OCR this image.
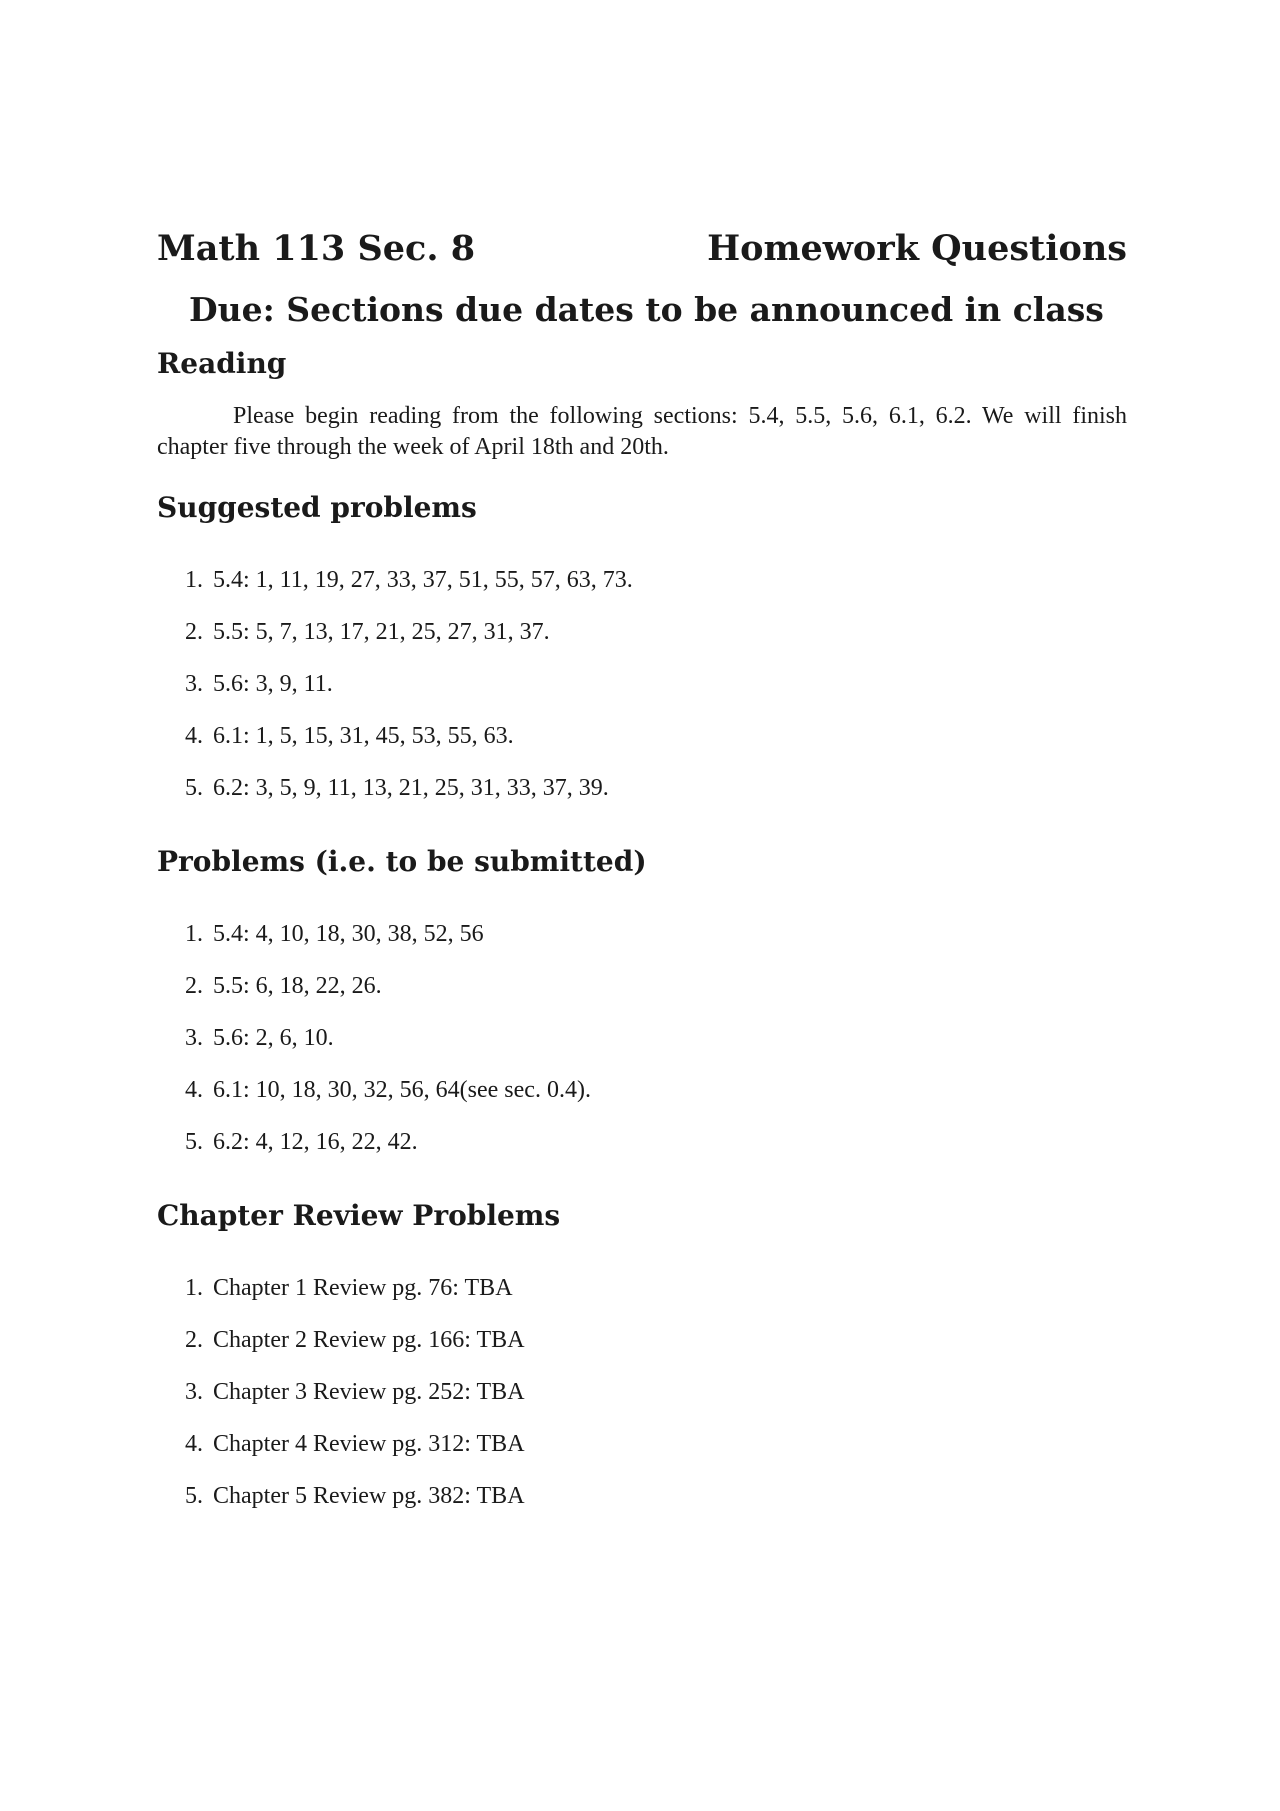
Math 113 Sec. 8	Homework Questions
Due: Sections due dates to be announced in class
Reading

Please begin reading from the following sections: 5.4, 5.5, 5.6, 6.1, 6.2. We will finish chapter five through the week of April 18th and 20th.

Suggested problems
1. 5.4: 1, 11, 19, 27, 33, 37, 51, 55, 57, 63, 73.
2. 5.5: 5, 7, 13, 17, 21, 25, 27, 31, 37.
3. 5.6: 3, 9, 11.
4. 6.1: 1, 5, 15, 31, 45, 53, 55, 63.
5. 6.2: 3, 5, 9, 11, 13, 21, 25, 31, 33, 37, 39.
Problems (i.e. to be submitted)
1. 5.4: 4, 10, 18, 30, 38, 52, 56
2. 5.5: 6, 18, 22, 26.
3. 5.6: 2, 6, 10.
4. 6.1: 10, 18, 30, 32, 56, 64(see sec. 0.4).
5. 6.2: 4, 12, 16, 22, 42.
Chapter Review Problems
1. Chapter 1 Review pg. 76: TBA
2. Chapter 2 Review pg. 166: TBA
3. Chapter 3 Review pg. 252: TBA
4. Chapter 4 Review pg. 312: TBA
5. Chapter 5 Review pg. 382: TBA
